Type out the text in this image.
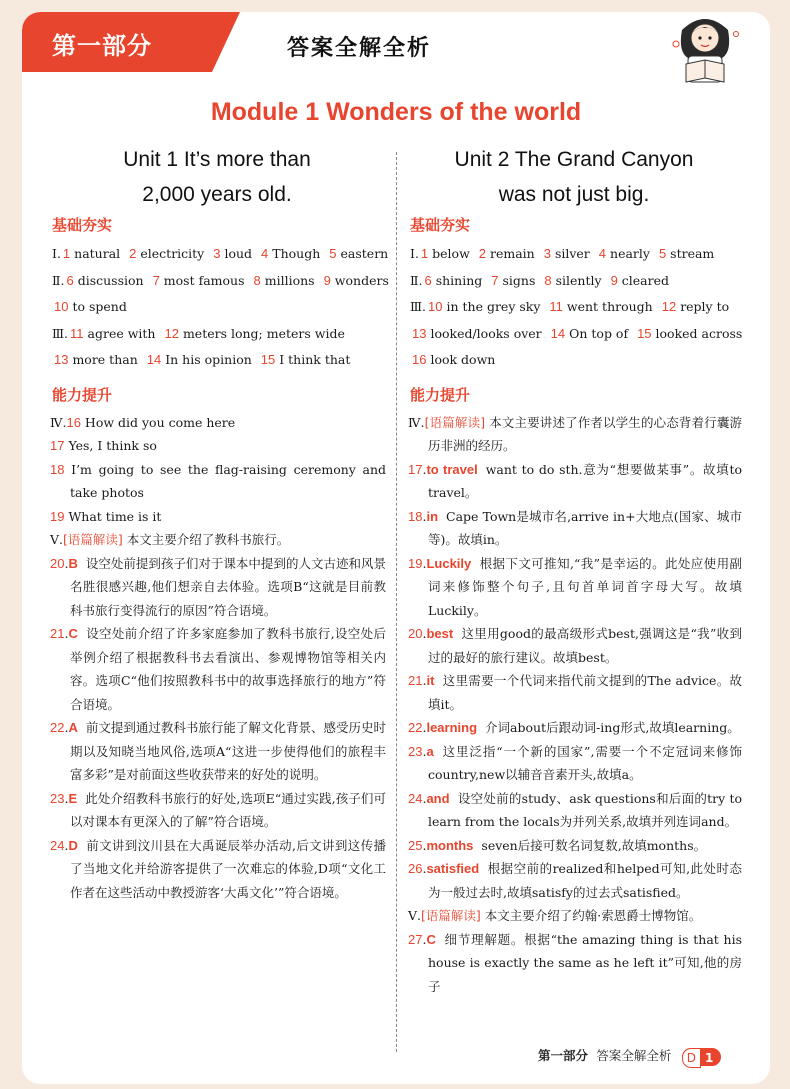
第一部分	答案全解全析
Module 1 Wonders of the world
Unit 1 It’s more than
2,000 years old.
基础夯实
Ⅰ. 1 natural 2 electricity 3 loud 4 Though 5 eastern
Ⅱ. 6 discussion 7 most famous 8 millions 9 wonders
10 to spend
Ⅲ. 11 agree with 12 meters long; meters wide
13 more than 14 In his opinion 15 I think that
能力提升
Ⅳ.16 How did you come here
17 Yes, I think so
18 I’m going to see the flag-raising ceremony and take photos
19 What time is it
Ⅴ.[语篇解读] 本文主要介绍了教科书旅行。
20.B 设空处前提到孩子们对于课本中提到的人文古迹和风景名胜很感兴趣,他们想亲自去体验。选项B“这就是目前教科书旅行变得流行的原因”符合语境。
21.C 设空处前介绍了许多家庭参加了教科书旅行,设空处后举例介绍了根据教科书去看演出、参观博物馆等相关内容。选项C“他们按照教科书中的故事选择旅行的地方”符合语境。
22.A 前文提到通过教科书旅行能了解文化背景、感受历史时期以及知晓当地风俗,选项A“这进一步使得他们的旅程丰富多彩”是对前面这些收获带来的好处的说明。
23.E 此处介绍教科书旅行的好处,选项E“通过实践,孩子们可以对课本有更深入的了解”符合语境。
24.D 前文讲到汶川县在大禹诞辰举办活动,后文讲到这传播了当地文化并给游客提供了一次难忘的体验,D项“文化工作者在这些活动中教授游客‘大禹文化’”符合语境。
Unit 2 The Grand Canyon
was not just big.
基础夯实
Ⅰ. 1 below 2 remain 3 silver 4 nearly 5 stream
Ⅱ. 6 shining 7 signs 8 silently 9 cleared
Ⅲ. 10 in the grey sky 11 went through 12 reply to
13 looked/looks over 14 On top of 15 looked across
16 look down
能力提升
Ⅳ.[语篇解读] 本文主要讲述了作者以学生的心态背着行囊游历非洲的经历。
17.to travel want to do sth.意为“想要做某事”。故填to travel。
18.in Cape Town是城市名,arrive in+大地点(国家、城市等)。故填in。
19.Luckily 根据下文可推知,“我”是幸运的。此处应使用副词来修饰整个句子,且句首单词首字母大写。故填Luckily。
20.best 这里用good的最高级形式best,强调这是“我”收到过的最好的旅行建议。故填best。
21.it 这里需要一个代词来指代前文提到的The advice。故填it。
22.learning 介词about后跟动词-ing形式,故填learning。
23.a 这里泛指“一个新的国家”,需要一个不定冠词来修饰country,new以辅音音素开头,故填a。
24.and 设空处前的study、ask questions和后面的try to learn from the locals为并列关系,故填并列连词and。
25.months seven后接可数名词复数,故填months。
26.satisfied 根据空前的realized和helped可知,此处时态为一般过去时,故填satisfy的过去式satisfied。
Ⅴ.[语篇解读] 本文主要介绍了约翰·索恩爵士博物馆。
27.C 细节理解题。根据“the amazing thing is that his house is exactly the same as he left it”可知,他的房子
第一部分 答案全解全析 D 1
